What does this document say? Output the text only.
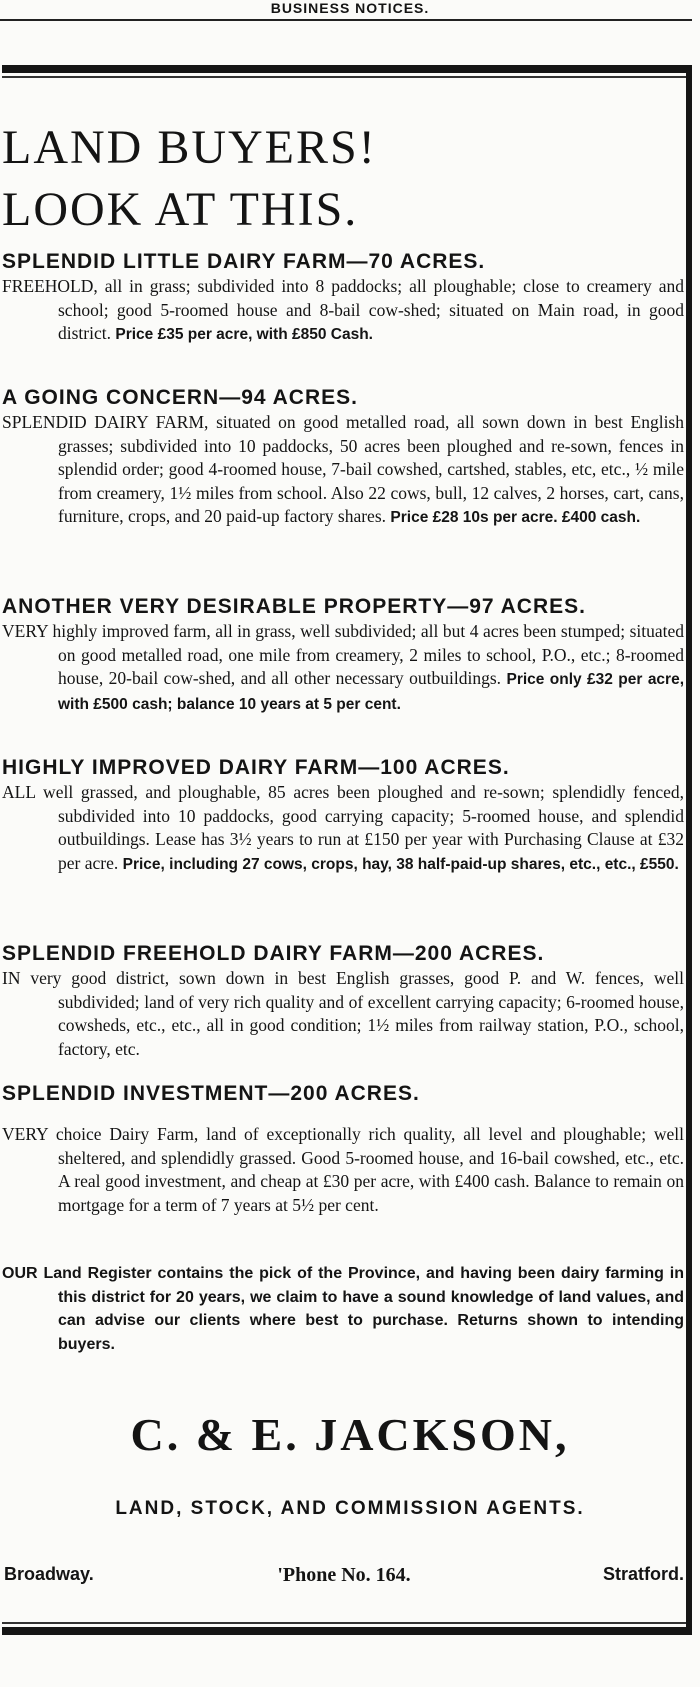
BUSINESS NOTICES.
LAND BUYERS!
LOOK AT THIS.
SPLENDID LITTLE DAIRY FARM—70 ACRES.
FREEHOLD, all in grass; subdivided into 8 paddocks; all ploughable; close to creamery and school; good 5-roomed house and 8-bail cow-shed; situated on Main road, in good district. Price £35 per acre, with £850 Cash.
A GOING CONCERN—94 ACRES.
SPLENDID DAIRY FARM, situated on good metalled road, all sown down in best English grasses; subdivided into 10 paddocks, 50 acres been ploughed and re-sown, fences in splendid order; good 4-roomed house, 7-bail cowshed, cartshed, stables, etc, etc., ½ mile from creamery, 1½ miles from school. Also 22 cows, bull, 12 calves, 2 horses, cart, cans, furniture, crops, and 20 paid-up factory shares. Price £28 10s per acre. £400 cash.
ANOTHER VERY DESIRABLE PROPERTY—97 ACRES.
VERY highly improved farm, all in grass, well subdivided; all but 4 acres been stumped; situated on good metalled road, one mile from creamery, 2 miles to school, P.O., etc.; 8-roomed house, 20-bail cow-shed, and all other necessary outbuildings. Price only £32 per acre, with £500 cash; balance 10 years at 5 per cent.
HIGHLY IMPROVED DAIRY FARM—100 ACRES.
ALL well grassed, and ploughable, 85 acres been ploughed and re-sown; splendidly fenced, subdivided into 10 paddocks, good carrying capacity; 5-roomed house, and splendid outbuildings. Lease has 3½ years to run at £150 per year with Purchasing Clause at £32 per acre. Price, including 27 cows, crops, hay, 38 half-paid-up shares, etc., etc., £550.
SPLENDID FREEHOLD DAIRY FARM—200 ACRES.
IN very good district, sown down in best English grasses, good P. and W. fences, well subdivided; land of very rich quality and of excellent carrying capacity; 6-roomed house, cowsheds, etc., etc., all in good condition; 1½ miles from railway station, P.O., school, factory, etc.
SPLENDID INVESTMENT—200 ACRES.
VERY choice Dairy Farm, land of exceptionally rich quality, all level and ploughable; well sheltered, and splendidly grassed. Good 5-roomed house, and 16-bail cowshed, etc., etc. A real good investment, and cheap at £30 per acre, with £400 cash. Balance to remain on mortgage for a term of 7 years at 5½ per cent.
OUR Land Register contains the pick of the Province, and having been dairy farming in this district for 20 years, we claim to have a sound knowledge of land values, and can advise our clients where best to purchase. Returns shown to intending buyers.
C. & E. JACKSON,
LAND, STOCK, AND COMMISSION AGENTS.
Broadway.	'Phone No. 164.	Stratford.
